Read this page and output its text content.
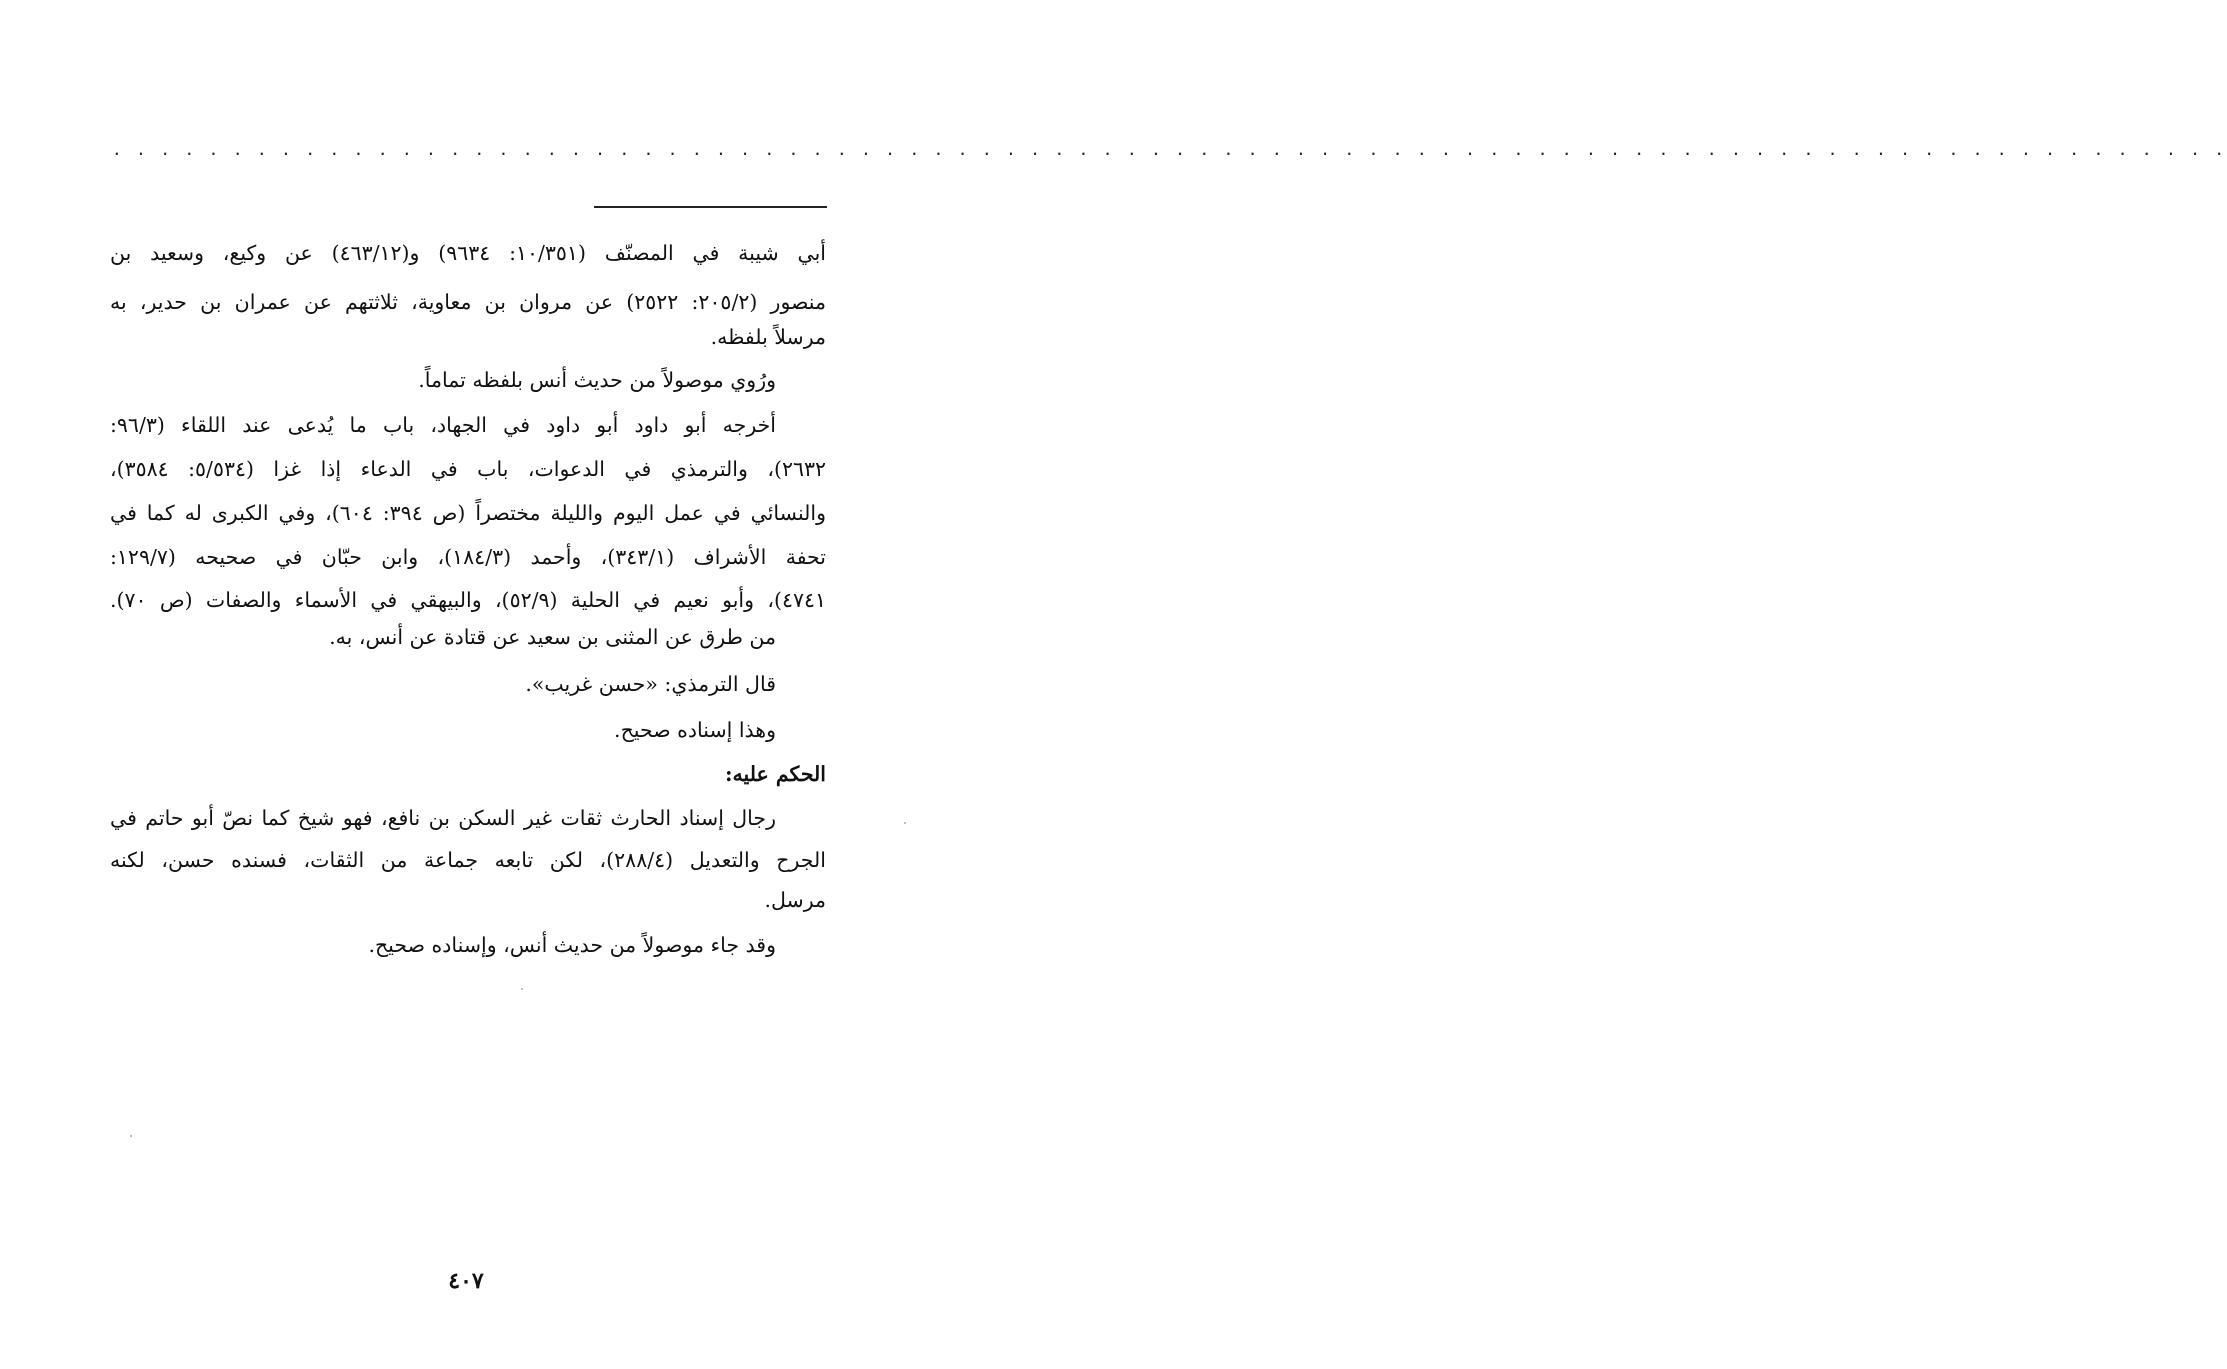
. . . . . . . . . . . . . . . . . . . . . . . . . . . . . . . . . . . . . . . . . . . . . . . . . . . . . . . . . . . . . . . . . . . . . . . . . . . . . . . . . . . . . . . .
أبي شيبة في المصنّف (١٠/٣٥١: ٩٦٣٤) و(٤٦٣/١٢) عن وكيع، وسعيد بن
منصور (٢٠٥/٢: ٢٥٢٢) عن مروان بن معاوية، ثلاثتهم عن عمران بن حدير، به
مرسلاً بلفظه.
ورُوي موصولاً من حديث أنس بلفظه تماماً.
أخرجه أبو داود أبو داود في الجهاد، باب ما يُدعى عند اللقاء (٩٦/٣:
٢٦٣٢)، والترمذي في الدعوات، باب في الدعاء إذا غزا (٥/٥٣٤: ٣٥٨٤)،
والنسائي في عمل اليوم والليلة مختصراً (ص ٣٩٤: ٦٠٤)، وفي الكبرى له كما في
تحفة الأشراف (٣٤٣/١)، وأحمد (١٨٤/٣)، وابن حبّان في صحيحه (١٢٩/٧:
٤٧٤١)، وأبو نعيم في الحلية (٥٢/٩)، والبيهقي في الأسماء والصفات (ص ٧٠).
من طرق عن المثنى بن سعيد عن قتادة عن أنس، به.
قال الترمذي: «حسن غريب».
وهذا إسناده صحيح.
الحكم عليه:
رجال إسناد الحارث ثقات غير السكن بن نافع، فهو شيخ كما نصّ أبو حاتم في
الجرح والتعديل (٢٨٨/٤)، لكن تابعه جماعة من الثقات، فسنده حسن، لكنه
مرسل.
وقد جاء موصولاً من حديث أنس، وإسناده صحيح.
٤٠٧
